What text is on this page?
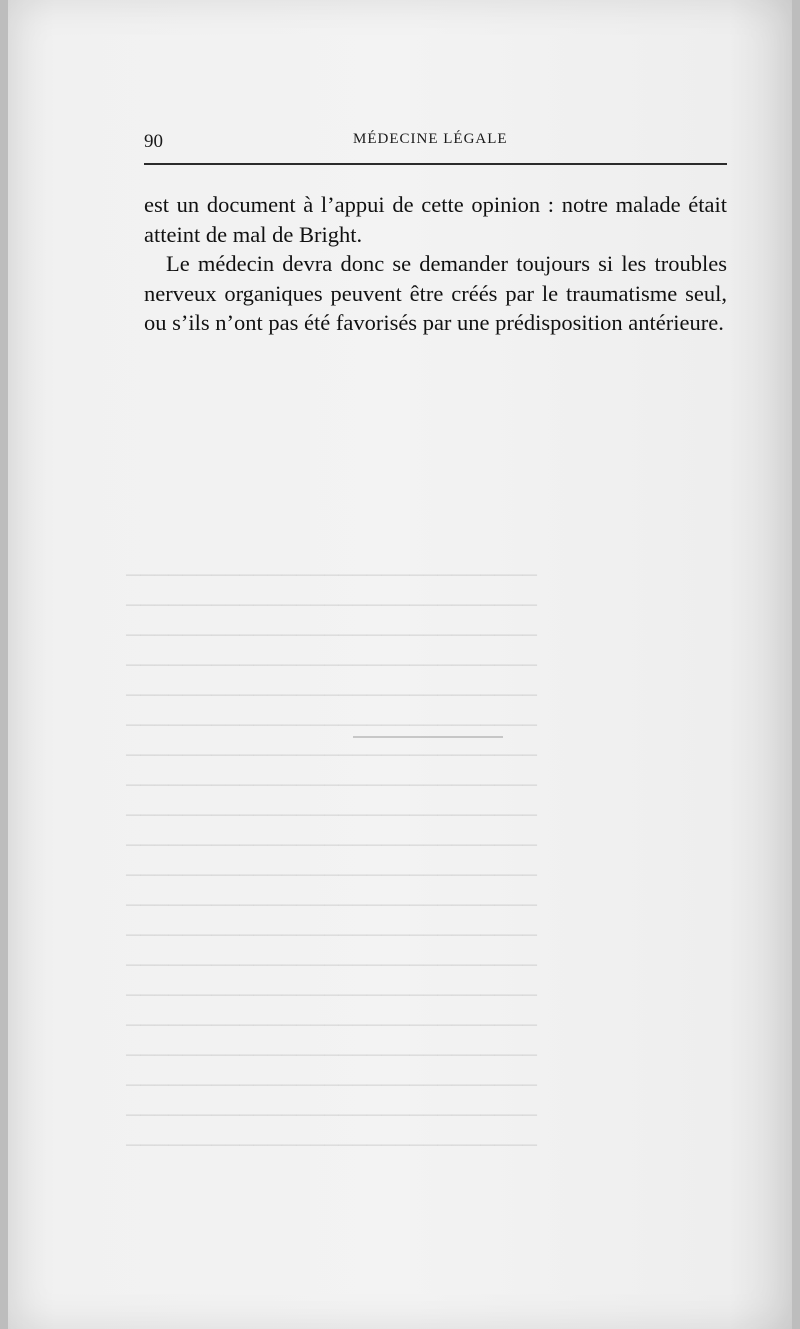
─────────────────────────────
─────────────────────────────
─────────────────────────────
─────────────────────────────
─────────────────────────────
─────────────────────────────
─────────────────────────────
─────────────────────────────
─────────────────────────────
─────────────────────────────
─────────────────────────────
─────────────────────────────
─────────────────────────────
─────────────────────────────
─────────────────────────────
─────────────────────────────
─────────────────────────────
─────────────────────────────
─────────────────────────────
─────────────────────────────
90	MÉDECINE LÉGALE

est un document à l’appui de cette opinion : notre malade était atteint de mal de Bright.

Le médecin devra donc se demander toujours si les troubles nerveux organiques peuvent être créés par le traumatisme seul, ou s’ils n’ont pas été favorisés par une prédisposition antérieure.
